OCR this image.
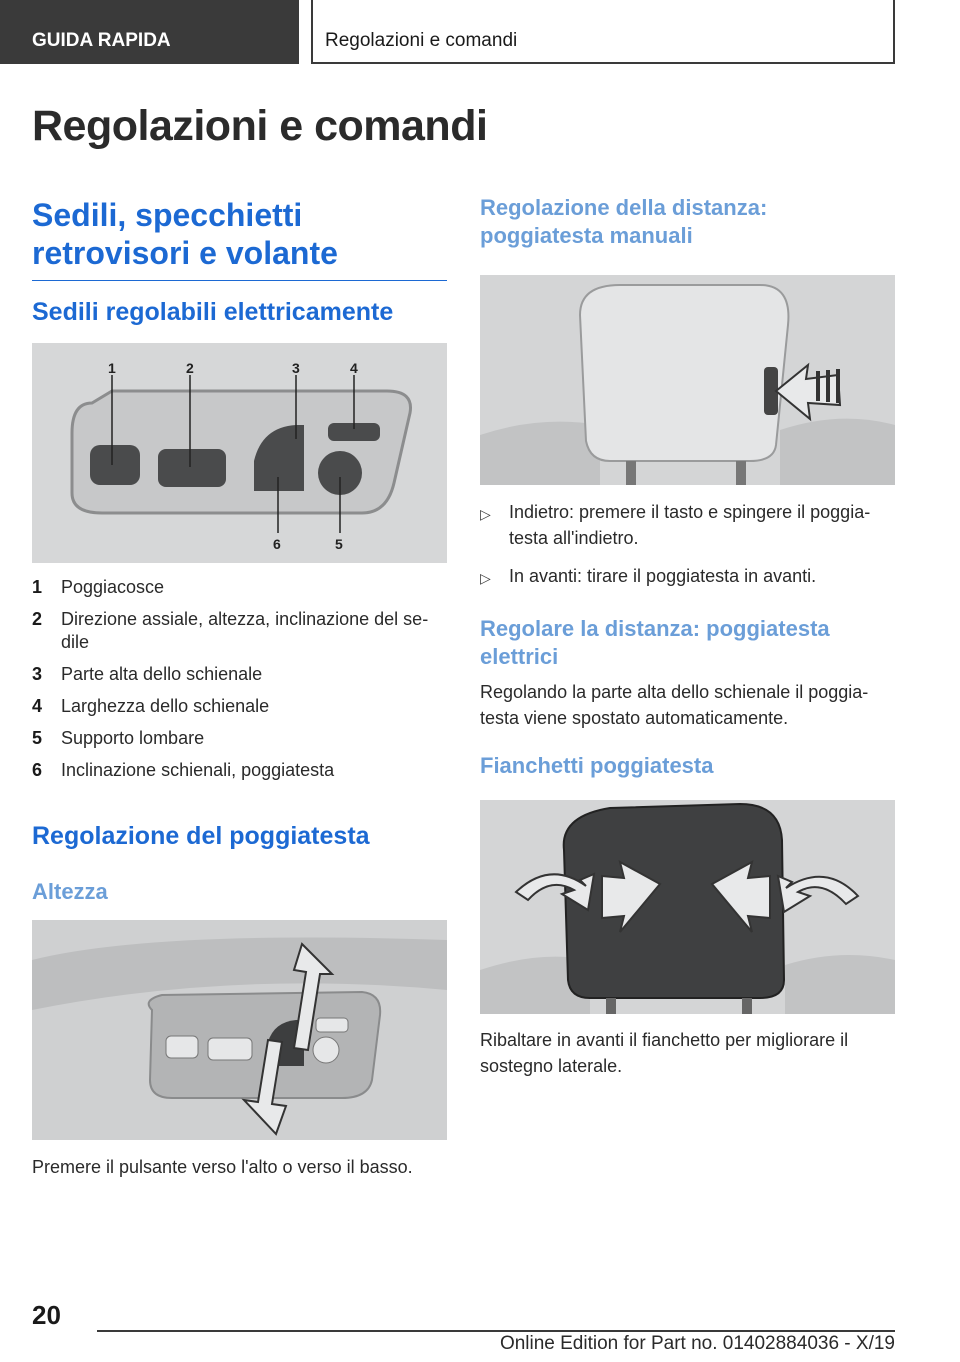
GUIDA RAPIDA	Regolazioni e comandi
Regolazioni e comandi
Sedili, specchietti retrovisori e volante
Sedili regolabili elettricamente
1	2	3	4
5
6
1	Poggiacosce
2	Direzione assiale, altezza, inclinazione del se-dile
3	Parte alta dello schienale
4	Larghezza dello schienale
5	Supporto lombare
6	Inclinazione schienali, poggiatesta
Regolazione del poggiatesta
Altezza
Premere il pulsante verso l'alto o verso il basso.
Regolazione della distanza: poggiatesta manuali
▷	Indietro: premere il tasto e spingere il poggia-testa all'indietro.
▷	In avanti: tirare il poggiatesta in avanti.
Regolare la distanza: poggiatesta elettrici
Regolando la parte alta dello schienale il poggia-testa viene spostato automaticamente.
Fianchetti poggiatesta
Ribaltare in avanti il fianchetto per migliorare il sostegno laterale.
20
Online Edition for Part no. 01402884036 - X/19
